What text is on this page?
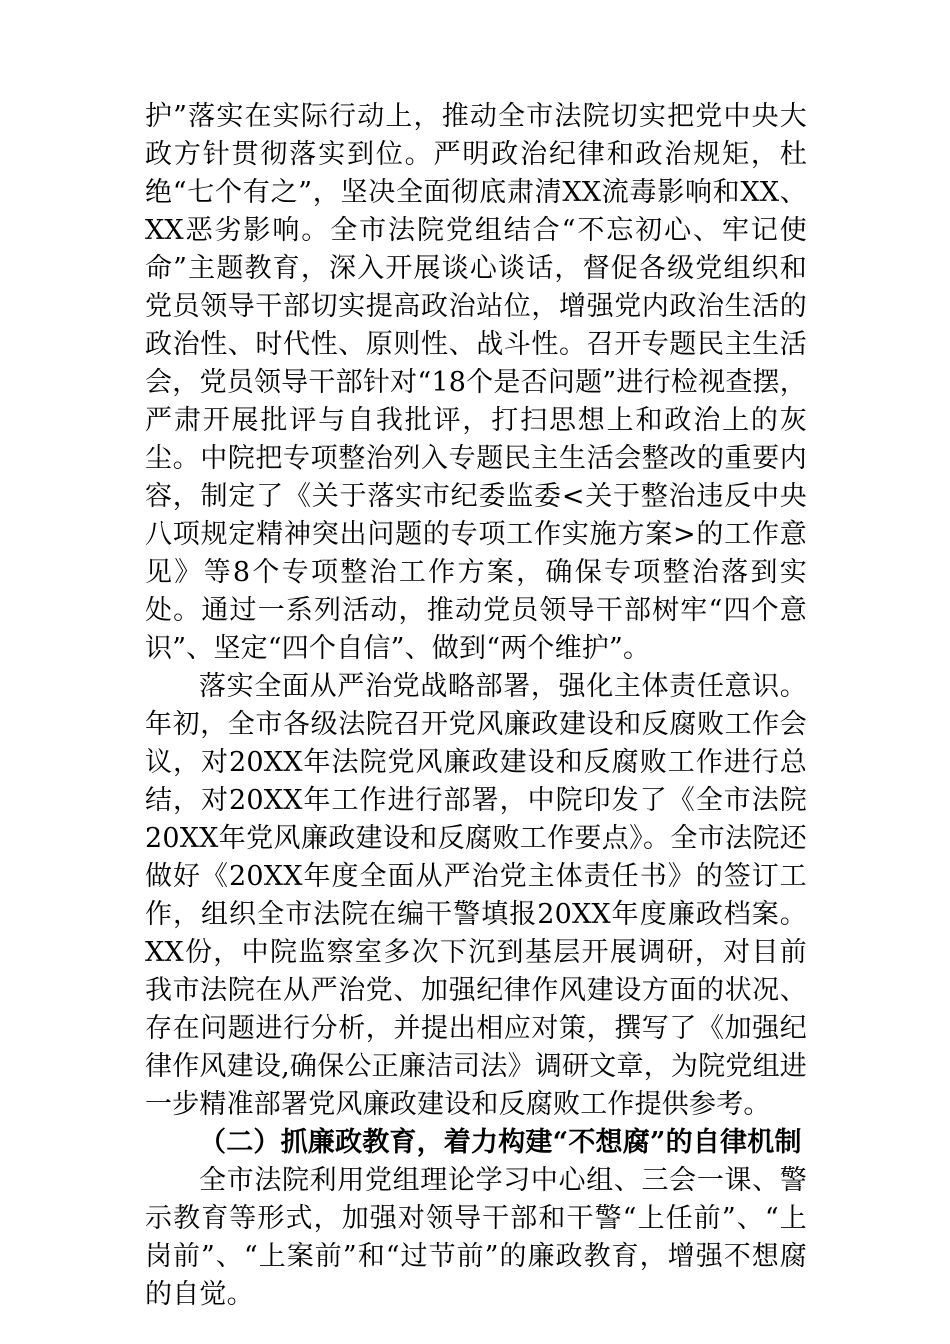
护”落实在实际行动上，推动全市法院切实把党中央大政方针贯彻落实到位。严明政治纪律和政治规矩，杜绝“七个有之”，坚决全面彻底肃清XX流毒影响和XX、XX恶劣影响。全市法院党组结合“不忘初心、牢记使命”主题教育，深入开展谈心谈话，督促各级党组织和党员领导干部切实提高政治站位，增强党内政治生活的政治性、时代性、原则性、战斗性。召开专题民主生活会，党员领导干部针对“18个是否问题”进行检视查摆，严肃开展批评与自我批评，打扫思想上和政治上的灰尘。中院把专项整治列入专题民主生活会整改的重要内容，制定了《关于落实市纪委监委<关于整治违反中央八项规定精神突出问题的专项工作实施方案>的工作意见》等8个专项整治工作方案，确保专项整治落到实处。通过一系列活动，推动党员领导干部树牢“四个意识”、坚定“四个自信”、做到“两个维护”。

落实全面从严治党战略部署，强化主体责任意识。年初，全市各级法院召开党风廉政建设和反腐败工作会议，对20XX年法院党风廉政建设和反腐败工作进行总结，对20XX年工作进行部署，中院印发了《全市法院20XX年党风廉政建设和反腐败工作要点》。全市法院还做好《20XX年度全面从严治党主体责任书》的签订工作，组织全市法院在编干警填报20XX年度廉政档案。XX份，中院监察室多次下沉到基层开展调研，对目前我市法院在从严治党、加强纪律作风建设方面的状况、存在问题进行分析，并提出相应对策，撰写了《加强纪律作风建设,确保公正廉洁司法》调研文章，为院党组进一步精准部署党风廉政建设和反腐败工作提供参考。

（二）抓廉政教育，着力构建“不想腐”的自律机制

全市法院利用党组理论学习中心组、三会一课、警示教育等形式，加强对领导干部和干警“上任前”、“上岗前”、“上案前”和“过节前”的廉政教育，增强不想腐的自觉。
